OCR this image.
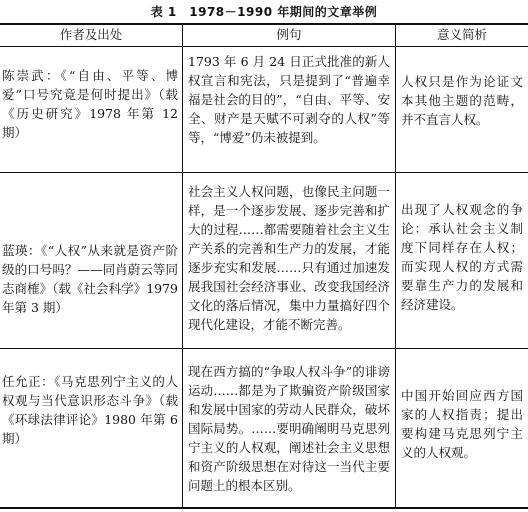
表 1　1978－1990 年期间的文章举例
作者及出处	例句	意义简析
陈崇武：《“自由、平等、博爱”口号究竟是何时提出》（载《历史研究》1978 年第 12 期）
1793 年 6 月 24 日正式批准的新人权宣言和宪法，只是提到了“普遍幸福是社会的目的”，“自由、平等、安全、财产是天赋不可剥夺的人权”等等，“博爱”仍未被提到。
人权只是作为论证文本其他主题的范畴，并不直言人权。
蓝瑛：《“人权”从来就是资产阶级的口号吗？——同肖蔚云等同志商榷》（载《社会科学》1979 年第 3 期）
社会主义人权问题，也像民主问题一样，是一个逐步发展、逐步完善和扩大的过程……都需要随着社会主义生产关系的完善和生产力的发展，才能逐步充实和发展……只有通过加速发展我国社会经济事业、改变我国经济文化的落后情况，集中力量搞好四个现代化建设，才能不断完善。
出现了人权观念的争论：承认社会主义制度下同样存在人权；而实现人权的方式需要靠生产力的发展和经济建设。
任允正：《马克思列宁主义的人权观与当代意识形态斗争》（载《环球法律评论》1980 年第 6 期）
现在西方搞的“争取人权斗争”的诽谤运动……都是为了欺骗资产阶级国家和发展中国家的劳动人民群众，破坏国际局势。……要明确阐明马克思列宁主义的人权观，阐述社会主义思想和资产阶级思想在对待这一当代主要问题上的根本区别。
中国开始回应西方国家的人权指责；提出要构建马克思列宁主义的人权观。
